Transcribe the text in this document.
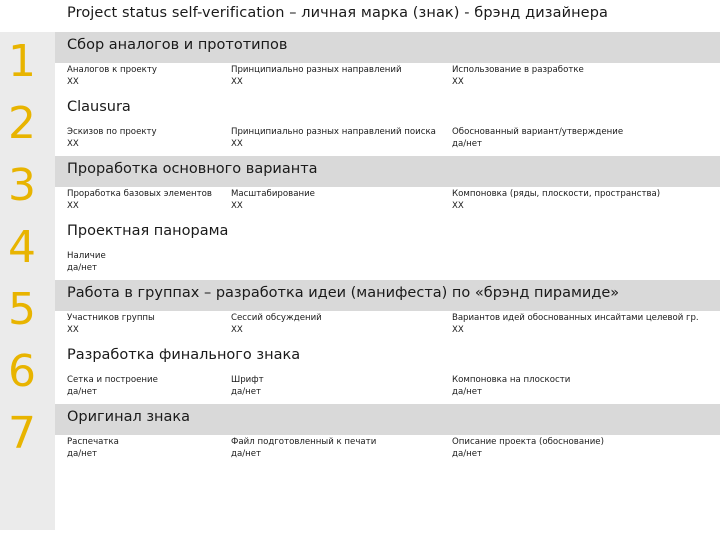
Project status self-verification – личная марка (знак) - брэнд дизайнера
1	Сбор аналогов и прототипов
Аналогов к проекту
XX
Принципиально разных направлений
XX
Использование в разработке
XX
2	Clausura
Эскизов по проекту
XX
Принципиально разных направлений поиска
XX
Обоснованный вариант/утверждение
да/нет
3	Проработка основного варианта
Проработка базовых элементов
XX
Масштабирование
XX
Компоновка (ряды, плоскости, пространства)
XX
4	Проектная панорама
Наличие
да/нет
5	Работа в группах – разработка идеи (манифеста) по «брэнд пирамиде»
Участников группы
XX
Сессий обсуждений
XX
Вариантов идей обоснованных инсайтами целевой гр.
XX
6	Разработка финального знака
Сетка и построение
да/нет
Шрифт
да/нет
Компоновка на плоскости
да/нет
7	Оригинал знака
Распечатка
да/нет
Файл подготовленный к печати
да/нет
Описание проекта (обоснование)
да/нет
